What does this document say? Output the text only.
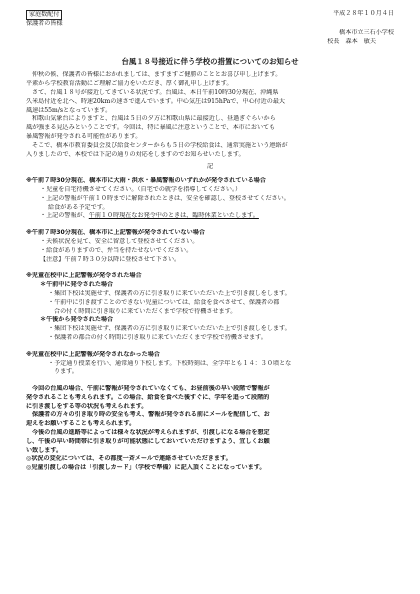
家庭数配付	平成２８年１０月４日
保護者の皆様
橋本市立三石小学校
校長　森本　敏夫
台風１８号接近に伴う学校の措置についてのお知らせ
仲秋の候、保護者の皆様におかれましては、ますますご健勝のこととお喜び申し上げます。
平素から学校教育活動にご理解ご協力をいただき、厚く御礼申し上げます。
さて、台風１８号が接近してきている状況です。台風は、本日午前10時30分現在、沖縄県
久米島付近を北へ、時速20kmの速さで進んでいます。中心気圧は915hPaで、中心付近の最大
風速は55m/sとなっています。
和歌山気象台によりますと、台風は５日の夕方に和歌山県に最接近し、昼過ぎぐらいから
風が強まる見込みということです。今回は、特に暴風に注意ということで、本市においても
暴風警報が発令される可能性があります。
そこで、橋本市教育委員会及び給食センターからも５日の学校給食は、通常実施という連絡が
入りましたので、本校では下記の通りの対応をしますのでお知らせいたします。
記
※午前７時30分現在、橋本市に大雨・洪水・暴風警報のいずれかが発令されている場合
・児童を自宅待機させてください。（自宅での就学を指導してください。）
・上記の警報が午前１０時までに解除されたときは、安全を確認し、登校させてください。
給食がある予定です。
・上記の警報が、午前１０時現在なお発令中のときは、臨時休業といたします。
※午前７時30分現在、橋本市に上記警報が発令されていない場合
・天候状況を見て、安全に留意して登校させてください。
・給食がありますので、弁当を持たせないでください。
【注意】午前７時３０分以降に登校させて下さい。
※児童在校中に上記警報が発令された場合
＊午前中に発令された場合
・集団下校は実施せず、保護者の方に引き取りに来ていただいた上で引き渡しをします。
・午前中に引き渡すことのできない児童については、給食を食べさせて、保護者の都
合の付く時間に引き取りに来ていただくまで学校で待機させます。
＊午後から発令された場合
・集団下校は実施せず、保護者の方に引き取りに来ていただいた上で引き渡しをします。
・保護者の都合の付く時間に引き取りに来ていただくまで学校で待機させます。
※児童在校中に上記警報が発令されなかった場合
・予定通り授業を行い、通常通り下校します。下校時刻は、全学年とも１４：３０頃とな
ります。
今回の台風の場合、午前に警報が発令されていなくても、お昼前後の早い段階で警報が
発令されることも考えられます。この場合、給食を食べた後すぐに、学年を追って段階的
に引き渡しをする等の状況も考えられます。
保護者の方々の引き取り時の安全も考え、警報が発令される前にメールを配信して、お
迎えをお願いすることも考えられます。
今後の台風の進路等によっては様々な状況が考えられますが、引渡しになる場合を想定
し、午後の早い時間帯に引き取りが可能状態にしておいていただけますよう、宜しくお願
い致します。
◎状況の変化については、その都度一斉メールで連絡させていただきます。
◎児童引渡しの場合は「引渡しカード」（学校で準備）に記入頂くことになっています。
